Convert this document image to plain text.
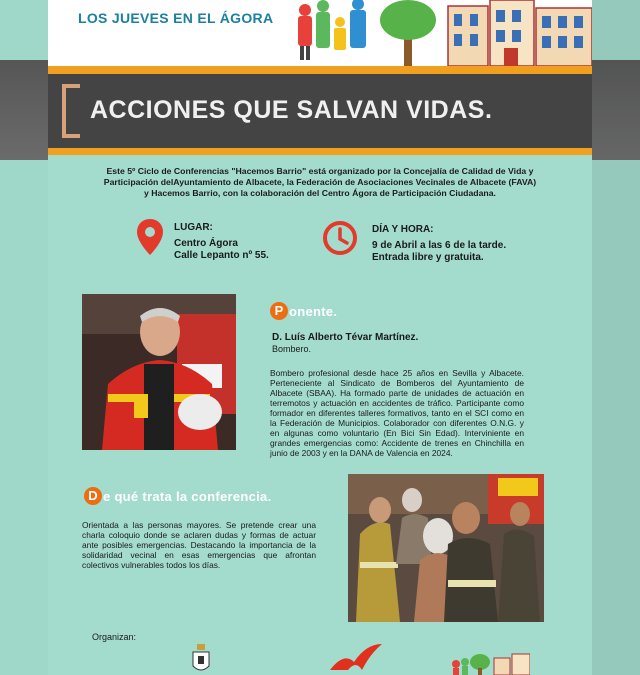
LOS JUEVES EN EL ÁGORA
ACCIONES QUE SALVAN VIDAS.
Este 5º Ciclo de Conferencias "Hacemos Barrio" está organizado por la Concejalía de Calidad de Vida y
Participación delAyuntamiento de Albacete, la Federación de Asociaciones Vecinales de Albacete (FAVA)
y Hacemos Barrio, con la colaboración del Centro Ágora de Participación Ciudadana.
LUGAR:
Centro Ágora
Calle Lepanto nº 55.
DÍA Y HORA:
9 de Abril a las 6 de la tarde.
Entrada libre y gratuita.
P onente.
D. Luís Alberto Tévar Martínez.
Bombero.
Bombero profesional desde hace 25 años en Sevilla y Albacete. Perteneciente al Sindicato de Bomberos del Ayuntamiento de Albacete (SBAA). Ha formado parte de unidades de actuación en terremotos y actuación en accidentes de tráfico. Participante como formador en diferentes talleres formativos, tanto en el SCI como en la Federación de Municipios. Colaborador con diferentes O.N.G. y en algunas como voluntario (En Bici Sin Edad). Interviniente en grandes emergencias como: Accidente de trenes en Chinchilla en junio de 2003 y en la DANA de Valencia en 2024.
D e qué trata la conferencia.
Orientada a las personas mayores. Se pretende crear una charla coloquio donde se aclaren dudas y formas de actuar ante posibles emergencias. Destacando la importancia de la solidaridad vecinal en esas emergencias que afrontan colectivos vulnerables todos los días.
Organizan:
